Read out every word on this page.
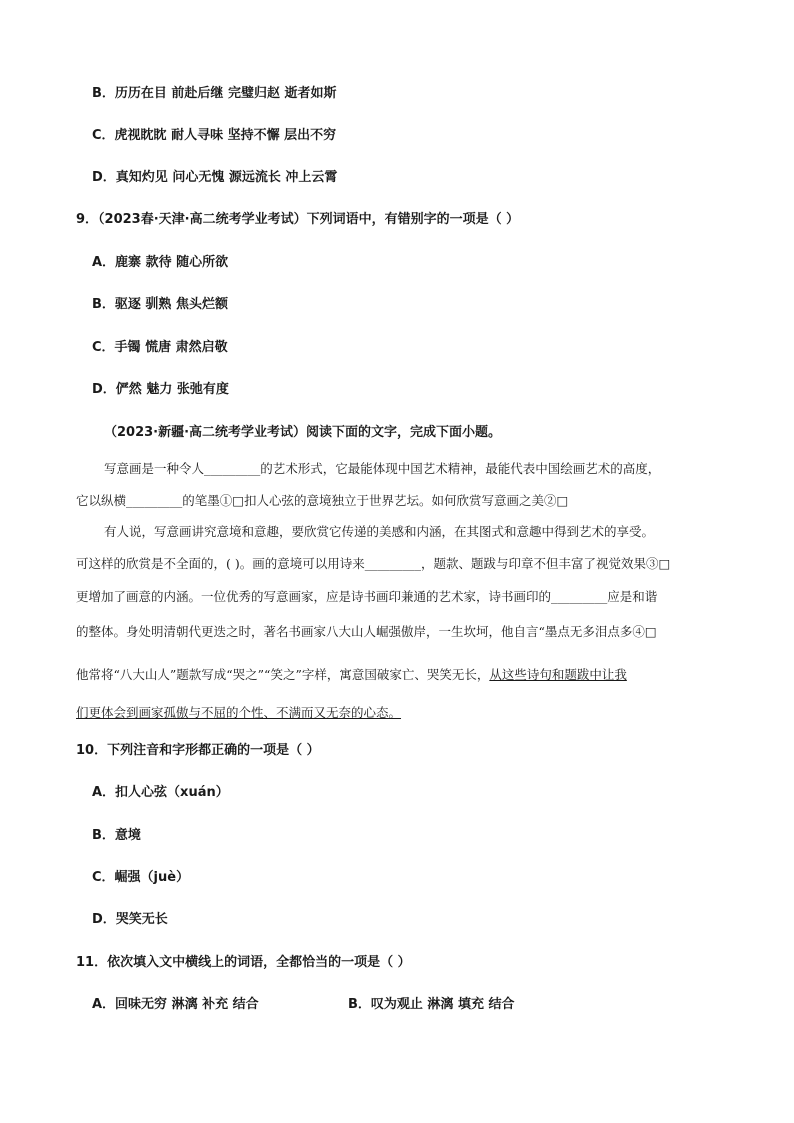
B．历历在目 前赴后继 完璧归赵 逝者如斯
C．虎视眈眈 耐人寻味 坚持不懈 层出不穷
D．真知灼见 问心无愧 源远流长 冲上云霄
9．（2023春·天津·高二统考学业考试）下列词语中，有错别字的一项是（ ）
A．鹿寨 款待 随心所欲
B．驱逐 驯熟 焦头烂额
C．手镯 慌唐 肃然启敬
D．俨然 魅力 张弛有度
（2023·新疆·高二统考学业考试）阅读下面的文字，完成下面小题。
写意画是一种令人_________的艺术形式，它最能体现中国艺术精神，最能代表中国绘画艺术的高度，
它以纵横_________的笔墨①□扣人心弦的意境独立于世界艺坛。如何欣赏写意画之美②□
有人说，写意画讲究意境和意趣，要欣赏它传递的美感和内涵，在其图式和意趣中得到艺术的享受。
可这样的欣赏是不全面的，( )。画的意境可以用诗来_________，题款、题跋与印章不但丰富了视觉效果③□
更增加了画意的内涵。一位优秀的写意画家，应是诗书画印兼通的艺术家，诗书画印的_________应是和谐
的整体。身处明清朝代更迭之时，著名书画家八大山人崛强傲岸，一生坎坷，他自言“墨点无多泪点多④□
他常将“八大山人”题款写成“哭之”“笑之”字样，寓意国破家亡、哭笑无长，从这些诗句和题跋中让我
们更体会到画家孤傲与不屈的个性、不满而又无奈的心态。
10．下列注音和字形都正确的一项是（ ）
A．扣人心弦（xuán）
B．意境
C．崛强（juè）
D．哭笑无长
11．依次填入文中横线上的词语，全都恰当的一项是（ ）
A．回味无穷 淋漓 补充 结合	B．叹为观止 淋漓 填充 结合
